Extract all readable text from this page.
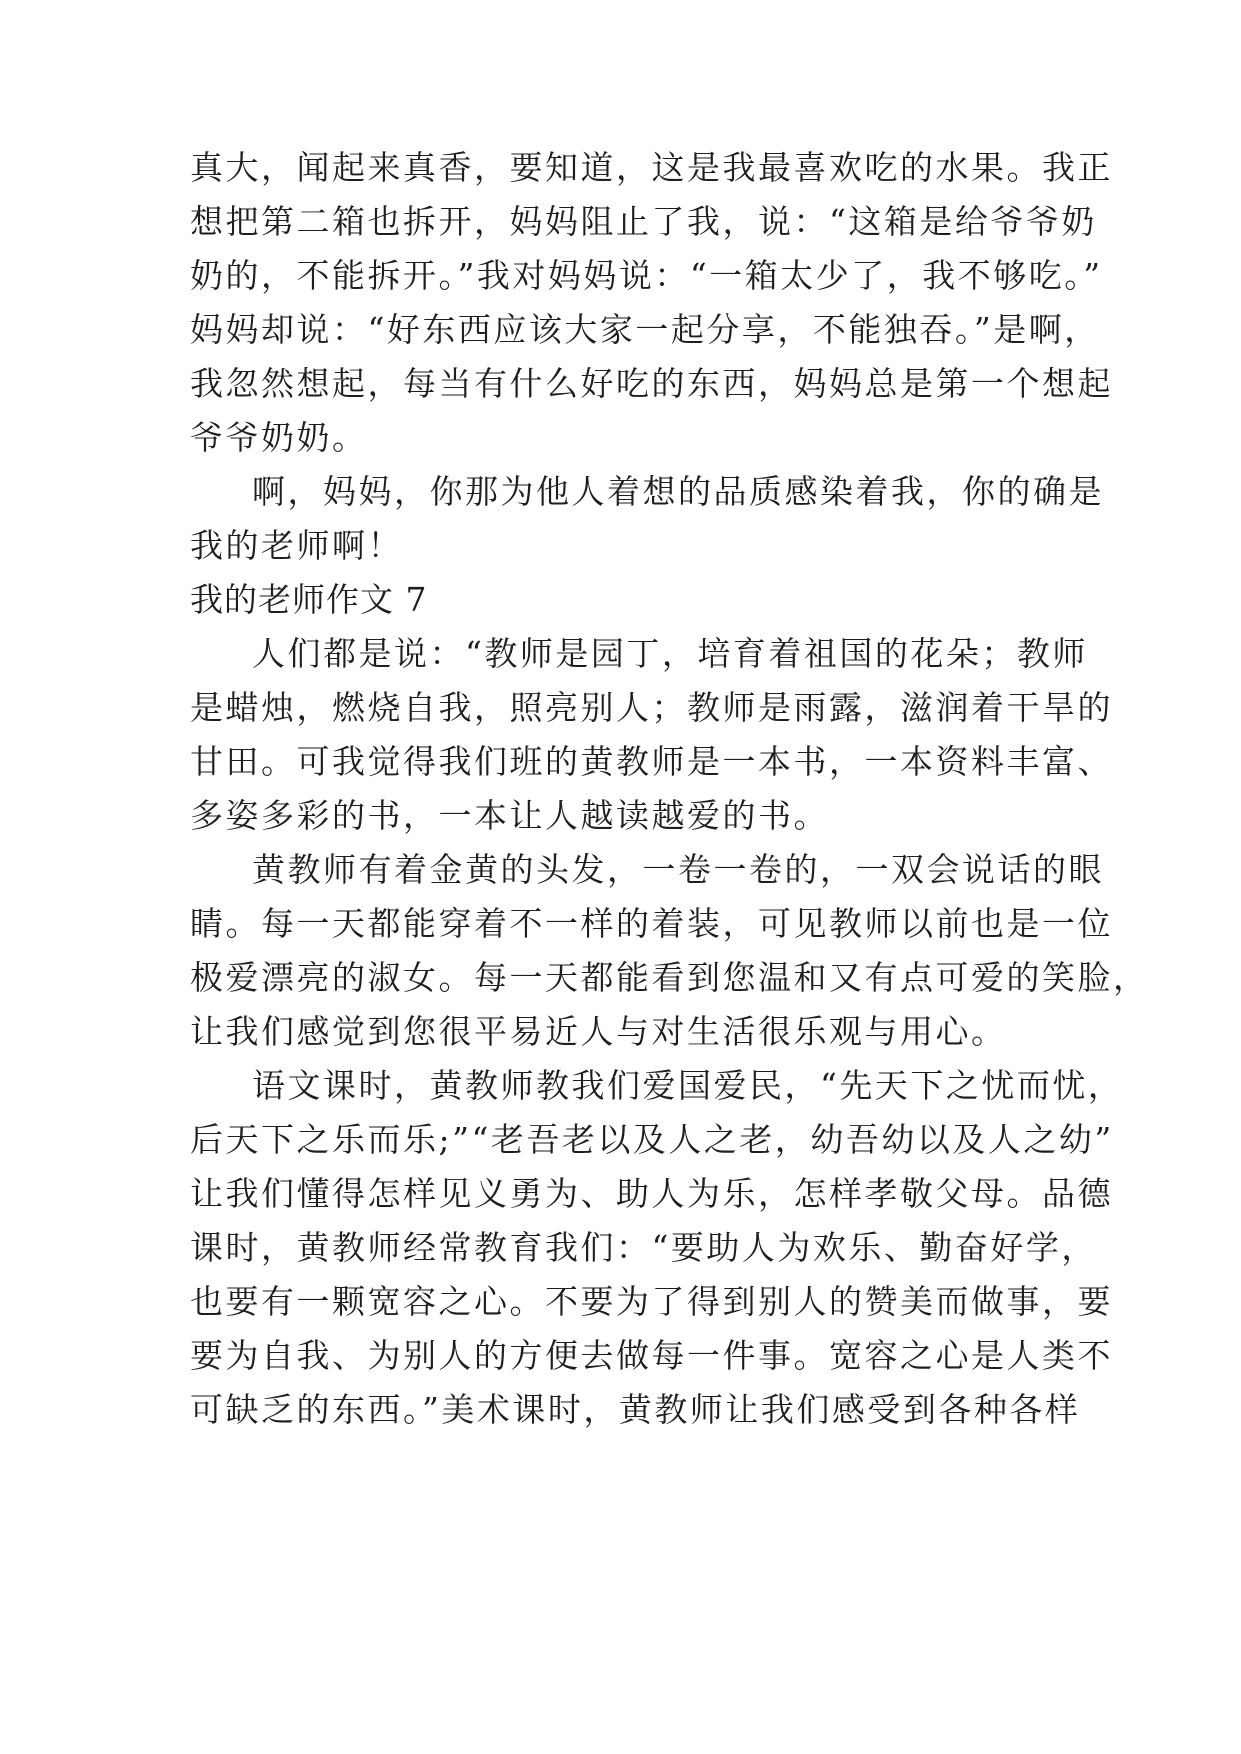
真大，闻起来真香，要知道，这是我最喜欢吃的水果。我正
想把第二箱也拆开，妈妈阻止了我，说：“这箱是给爷爷奶
奶的，不能拆开。”我对妈妈说：“一箱太少了，我不够吃。”
妈妈却说：“好东西应该大家一起分享，不能独吞。”是啊，
我忽然想起，每当有什么好吃的东西，妈妈总是第一个想起
爷爷奶奶。
啊，妈妈，你那为他人着想的品质感染着我，你的确是
我的老师啊！
我的老师作文 7
人们都是说：“教师是园丁，培育着祖国的花朵；教师
是蜡烛，燃烧自我，照亮别人；教师是雨露，滋润着干旱的
甘田。可我觉得我们班的黄教师是一本书，一本资料丰富、
多姿多彩的书，一本让人越读越爱的书。
黄教师有着金黄的头发，一卷一卷的，一双会说话的眼
睛。每一天都能穿着不一样的着装，可见教师以前也是一位
极爱漂亮的淑女。每一天都能看到您温和又有点可爱的笑脸，
让我们感觉到您很平易近人与对生活很乐观与用心。
语文课时，黄教师教我们爱国爱民，“先天下之忧而忧，
后天下之乐而乐;”“老吾老以及人之老，幼吾幼以及人之幼”
让我们懂得怎样见义勇为、助人为乐，怎样孝敬父母。品德
课时，黄教师经常教育我们：“要助人为欢乐、勤奋好学，
也要有一颗宽容之心。不要为了得到别人的赞美而做事，要
要为自我、为别人的方便去做每一件事。宽容之心是人类不
可缺乏的东西。”美术课时，黄教师让我们感受到各种各样
